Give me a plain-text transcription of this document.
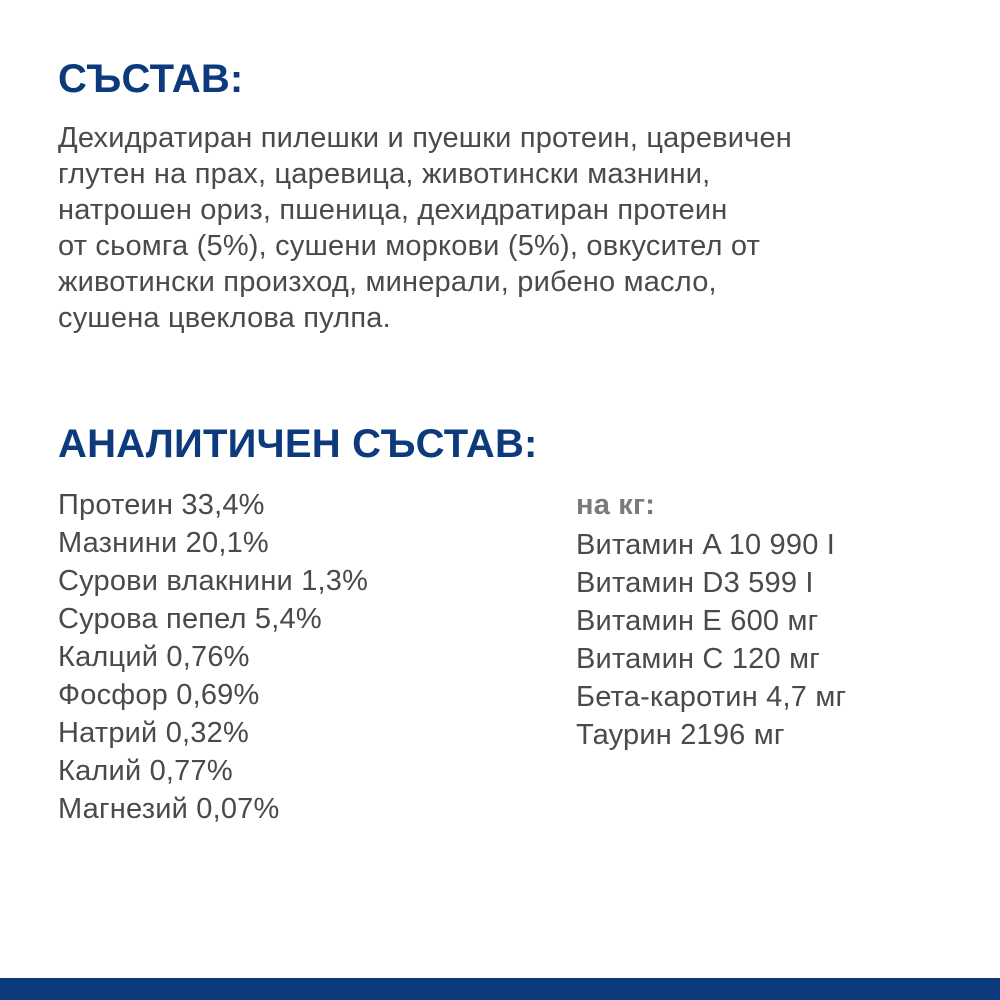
СЪСТАВ:

Дехидратиран пилешки и пуешки протеин, царевичен
глутен на прах, царевица, животински мазнини,
натрошен ориз, пшеница, дехидратиран протеин
от сьомга (5%), сушени моркови (5%), овкусител от
животински произход, минерали, рибено масло,
сушена цвеклова пулпа.

АНАЛИТИЧЕН СЪСТАВ:
Протеин 33,4%
Мазнини 20,1%
Сурови влакнини 1,3%
Сурова пепел 5,4%
Калций 0,76%
Фосфор 0,69%
Натрий 0,32%
Калий 0,77%
Магнезий 0,07%
на кг:
Витамин A 10 990 I
Витамин D3 599 I
Витамин E 600 мг
Витамин C 120 мг
Бета-каротин 4,7 мг
Таурин 2196 мг
